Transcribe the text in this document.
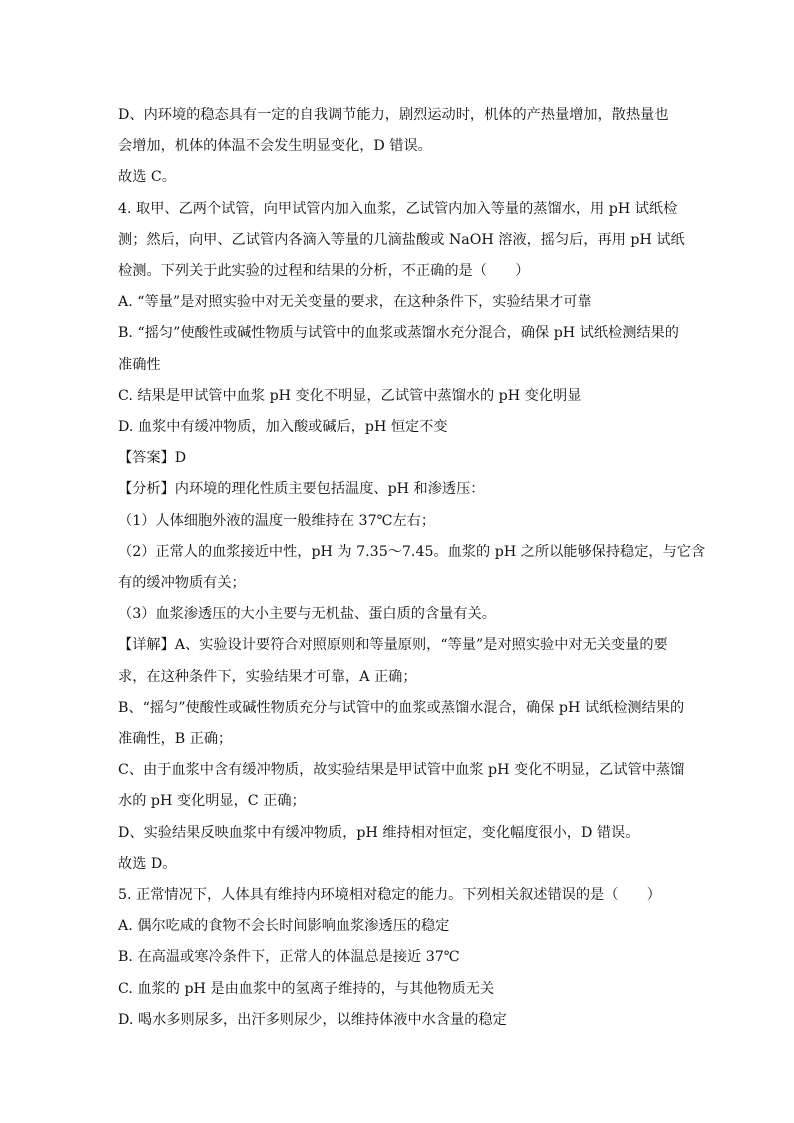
D、内环境的稳态具有一定的自我调节能力，剧烈运动时，机体的产热量增加，散热量也
会增加，机体的体温不会发生明显变化，D 错误。
故选 C。
4. 取甲、乙两个试管，向甲试管内加入血浆，乙试管内加入等量的蒸馏水，用 pH 试纸检
测；然后，向甲、乙试管内各滴入等量的几滴盐酸或 NaOH 溶液，摇匀后，再用 pH 试纸
检测。下列关于此实验的过程和结果的分析，不正确的是（　　）
A. “等量”是对照实验中对无关变量的要求，在这种条件下，实验结果才可靠
B. “摇匀”使酸性或碱性物质与试管中的血浆或蒸馏水充分混合，确保 pH 试纸检测结果的
准确性
C. 结果是甲试管中血浆 pH 变化不明显，乙试管中蒸馏水的 pH 变化明显
D. 血浆中有缓冲物质，加入酸或碱后，pH 恒定不变
【答案】D
【分析】内环境的理化性质主要包括温度、pH 和渗透压：
（1）人体细胞外液的温度一般维持在 37℃左右；
（2）正常人的血浆接近中性，pH 为 7.35～7.45。血浆的 pH 之所以能够保持稳定，与它含
有的缓冲物质有关；
（3）血浆渗透压的大小主要与无机盐、蛋白质的含量有关。
【详解】A、实验设计要符合对照原则和等量原则，“等量”是对照实验中对无关变量的要
求，在这种条件下，实验结果才可靠，A 正确；
B、“摇匀”使酸性或碱性物质充分与试管中的血浆或蒸馏水混合，确保 pH 试纸检测结果的
准确性，B 正确；
C、由于血浆中含有缓冲物质，故实验结果是甲试管中血浆 pH 变化不明显，乙试管中蒸馏
水的 pH 变化明显，C 正确；
D、实验结果反映血浆中有缓冲物质，pH 维持相对恒定，变化幅度很小，D 错误。
故选 D。
5. 正常情况下，人体具有维持内环境相对稳定的能力。下列相关叙述错误的是（　　）
A. 偶尔吃咸的食物不会长时间影响血浆渗透压的稳定
B. 在高温或寒冷条件下，正常人的体温总是接近 37℃
C. 血浆的 pH 是由血浆中的氢离子维持的，与其他物质无关
D. 喝水多则尿多，出汗多则尿少，以维持体液中水含量的稳定
